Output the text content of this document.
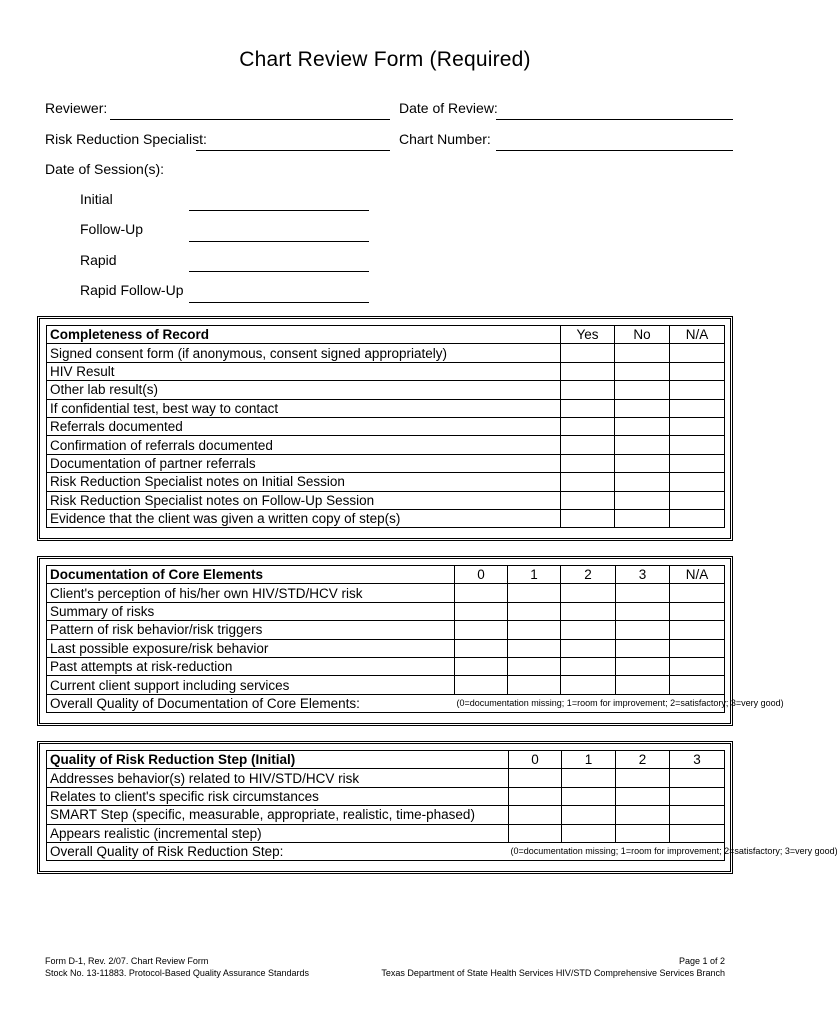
Chart Review Form (Required)
Reviewer:	Date of Review:
Risk Reduction Specialist:	Chart Number:
Date of Session(s):
Initial
Follow-Up
Rapid
Rapid Follow-Up
Completeness of Record	Yes	No	N/A
Signed consent form (if anonymous, consent signed appropriately)			
HIV Result			
Other lab result(s)			
If confidential test, best way to contact			
Referrals documented			
Confirmation of referrals documented			
Documentation of partner referrals			
Risk Reduction Specialist notes on Initial Session			
Risk Reduction Specialist notes on Follow-Up Session			
Evidence that the client was given a written copy of step(s)			
Documentation of Core Elements	0	1	2	3	N/A
Client's perception of his/her own HIV/STD/HCV risk					
Summary of risks					
Pattern of risk behavior/risk triggers					
Last possible exposure/risk behavior					
Past attempts at risk-reduction					
Current client support including services					
Overall Quality of Documentation of Core Elements:	(0=documentation missing; 1=room for improvement; 2=satisfactory; 3=very good)				
Quality of Risk Reduction Step (Initial)	0	1	2	3
Addresses behavior(s) related to HIV/STD/HCV risk				
Relates to client's specific risk circumstances				
SMART Step (specific, measurable, appropriate, realistic, time-phased)				
Appears realistic (incremental step)				
Overall Quality of Risk Reduction Step:	(0=documentation missing; 1=room for improvement; 2=satisfactory; 3=very good)			
Form D-1, Rev. 2/07. Chart Review Form
Stock No. 13-11883. Protocol-Based Quality Assurance Standards
Page 1 of 2
Texas Department of State Health Services HIV/STD Comprehensive Services Branch
